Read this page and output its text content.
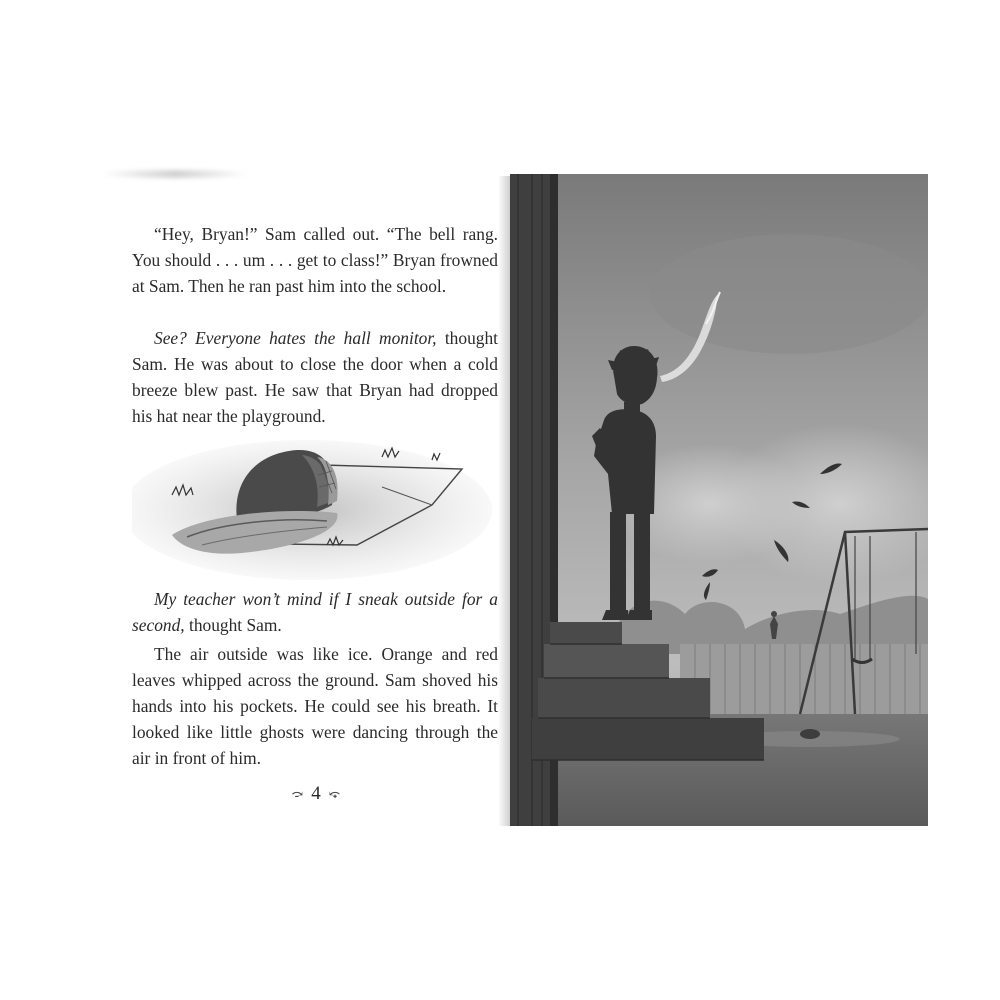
“Hey, Bryan!” Sam called out. “The bell rang. You should . . . um . . . get to class!” Bryan frowned at Sam. Then he ran past him into the school.

See? Everyone hates the hall monitor, thought Sam. He was about to close the door when a cold breeze blew past. He saw that Bryan had dropped his hat near the playground.

My teacher won’t mind if I sneak outside for a second, thought Sam.

The air outside was like ice. Orange and red leaves whipped across the ground. Sam shoved his hands into his pockets. He could see his breath. It looked like little ghosts were dancing through the air in front of him.

⤼ 4 ⤽
